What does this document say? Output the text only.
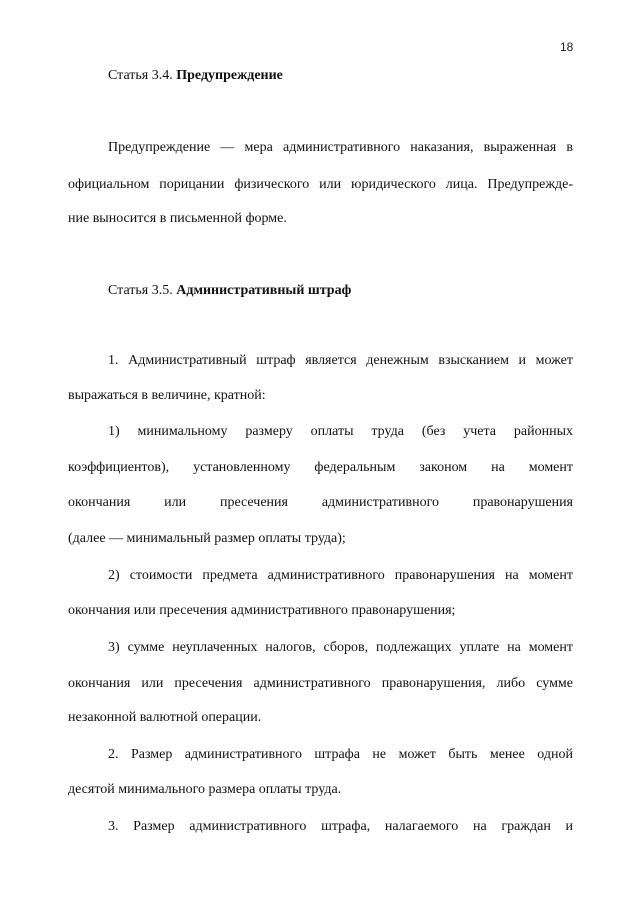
18
Статья 3.4. Предупреждение
Предупреждение — мера административного наказания, выраженная в
официальном порицании физического или юридического лица. Предупрежде-
ние выносится в письменной форме.
Статья 3.5. Административный штраф
1. Административный штраф является денежным взысканием и может
выражаться в величине, кратной:
1) минимальному размеру оплаты труда (без учета районных
коэффициентов), установленному федеральным законом на момент
окончания или пресечения административного правонарушения
(далее — минимальный размер оплаты труда);
2) стоимости предмета административного правонарушения на момент
окончания или пресечения административного правонарушения;
3) сумме неуплаченных налогов, сборов, подлежащих уплате на момент
окончания или пресечения административного правонарушения, либо сумме
незаконной валютной операции.
2. Размер административного штрафа не может быть менее одной
десятой минимального размера оплаты труда.
3. Размер административного штрафа, налагаемого на граждан и
